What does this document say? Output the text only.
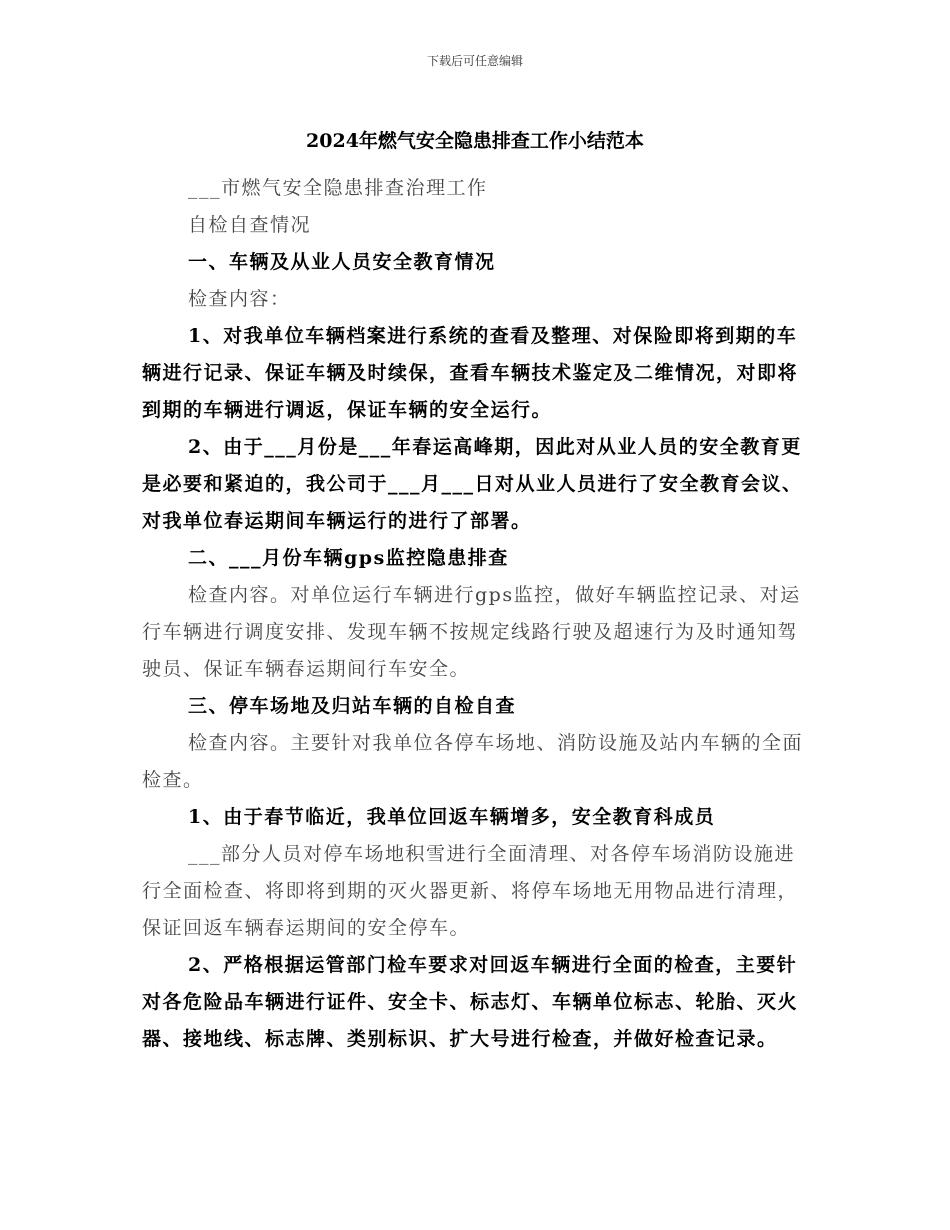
下载后可任意编辑
2024年燃气安全隐患排查工作小结范本

___市燃气安全隐患排查治理工作

自检自查情况

一、车辆及从业人员安全教育情况

检查内容：

1、对我单位车辆档案进行系统的查看及整理、对保险即将到期的车辆进行记录、保证车辆及时续保，查看车辆技术鉴定及二维情况，对即将到期的车辆进行调返，保证车辆的安全运行。

2、由于___月份是___年春运高峰期，因此对从业人员的安全教育更是必要和紧迫的，我公司于___月___日对从业人员进行了安全教育会议、对我单位春运期间车辆运行的进行了部署。

二、___月份车辆gps监控隐患排查

检查内容。对单位运行车辆进行gps监控，做好车辆监控记录、对运行车辆进行调度安排、发现车辆不按规定线路行驶及超速行为及时通知驾驶员、保证车辆春运期间行车安全。

三、停车场地及归站车辆的自检自查

检查内容。主要针对我单位各停车场地、消防设施及站内车辆的全面检查。

1、由于春节临近，我单位回返车辆增多，安全教育科成员

___部分人员对停车场地积雪进行全面清理、对各停车场消防设施进行全面检查、将即将到期的灭火器更新、将停车场地无用物品进行清理，保证回返车辆春运期间的安全停车。

2、严格根据运管部门检车要求对回返车辆进行全面的检查，主要针对各危险品车辆进行证件、安全卡、标志灯、车辆单位标志、轮胎、灭火器、接地线、标志牌、类别标识、扩大号进行检查，并做好检查记录。
